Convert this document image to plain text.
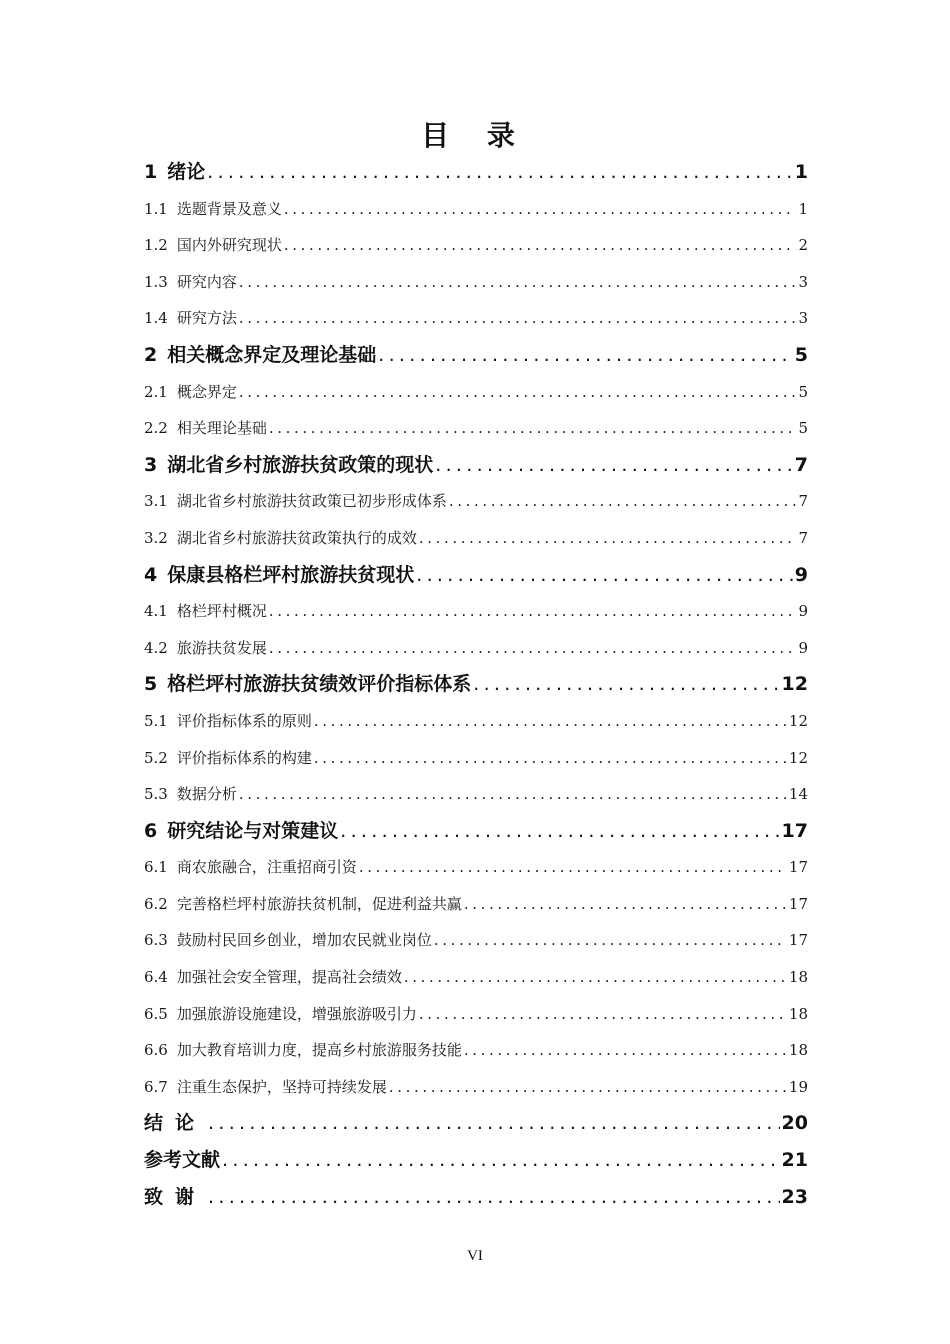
目 录
1 绪论 .....	1
1.1 选题背景及意义 .....	1
1.2 国内外研究现状 .....	2
1.3 研究内容 .....	3
1.4 研究方法 .....	3
2 相关概念界定及理论基础 .....	5
2.1 概念界定 .....	5
2.2 相关理论基础 .....	5
3 湖北省乡村旅游扶贫政策的现状 .....	7
3.1 湖北省乡村旅游扶贫政策已初步形成体系 .....	7
3.2 湖北省乡村旅游扶贫政策执行的成效 .....	7
4 保康县格栏坪村旅游扶贫现状 .....	9
4.1 格栏坪村概况 .....	9
4.2 旅游扶贫发展 .....	9
5 格栏坪村旅游扶贫绩效评价指标体系 .....	12
5.1 评价指标体系的原则 .....	12
5.2 评价指标体系的构建 .....	12
5.3 数据分析 .....	14
6 研究结论与对策建议 .....	17
6.1 商农旅融合，注重招商引资 .....	17
6.2 完善格栏坪村旅游扶贫机制，促进利益共赢 .....	17
6.3 鼓励村民回乡创业，增加农民就业岗位 .....	17
6.4 加强社会安全管理，提高社会绩效 .....	18
6.5 加强旅游设施建设，增强旅游吸引力 .....	18
6.6 加大教育培训力度，提高乡村旅游服务技能 .....	18
6.7 注重生态保护，坚持可持续发展 .....	19
结论 .....	20
参考文献 .....	21
致谢 .....	23
VI
